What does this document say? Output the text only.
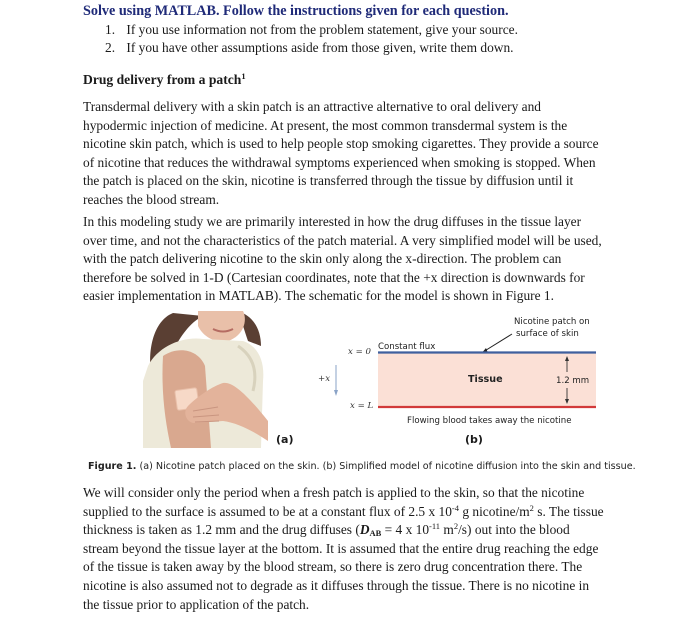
Solve using MATLAB. Follow the instructions given for each question.
1. If you use information not from the problem statement, give your source.
2. If you have other assumptions aside from those given, write them down.
Drug delivery from a patch$^1$
Transdermal delivery with a skin patch is an attractive alternative to oral delivery and
hypodermic injection of medicine. At present, the most common transdermal system is the
nicotine skin patch, which is used to help people stop smoking cigarettes. They provide a source
of nicotine that reduces the withdrawal symptoms experienced when smoking is stopped. When
the patch is placed on the skin, nicotine is transferred through the tissue by diffusion until it
reaches the blood stream.
In this modeling study we are primarily interested in how the drug diffuses in the tissue layer
over time, and not the characteristics of the patch material. A very simplified model will be used,
with the patch delivering nicotine to the skin only along the x-direction. The problem can
therefore be solved in 1-D (Cartesian coordinates, note that the +x direction is downwards for
easier implementation in MATLAB). The schematic for the model is shown in Figure 1.
(a)
Nicotine patch on
surface of skin
Constant flux
x = 0
+x
x = L
Tissue	1.2 mm
Flowing blood takes away the nicotine
(b)
Figure 1. (a) Nicotine patch placed on the skin. (b) Simplified model of nicotine diffusion into the skin and tissue.
We will consider only the period when a fresh patch is applied to the skin, so that the nicotine
supplied to the surface is assumed to be at a constant flux of 2.5 x $10^{-4}$ g nicotine/$m^2$ s. The tissue
thickness is taken as 1.2 mm and the drug diffuses ($D_{AB} = 4$ x $10^{-11}$ $m^2/s$) out into the blood
stream beyond the tissue layer at the bottom. It is assumed that the entire drug reaching the edge
of the tissue is taken away by the blood stream, so there is zero drug concentration there. The
nicotine is also assumed not to degrade as it diffuses through the tissue. There is no nicotine in
the tissue prior to application of the patch.
